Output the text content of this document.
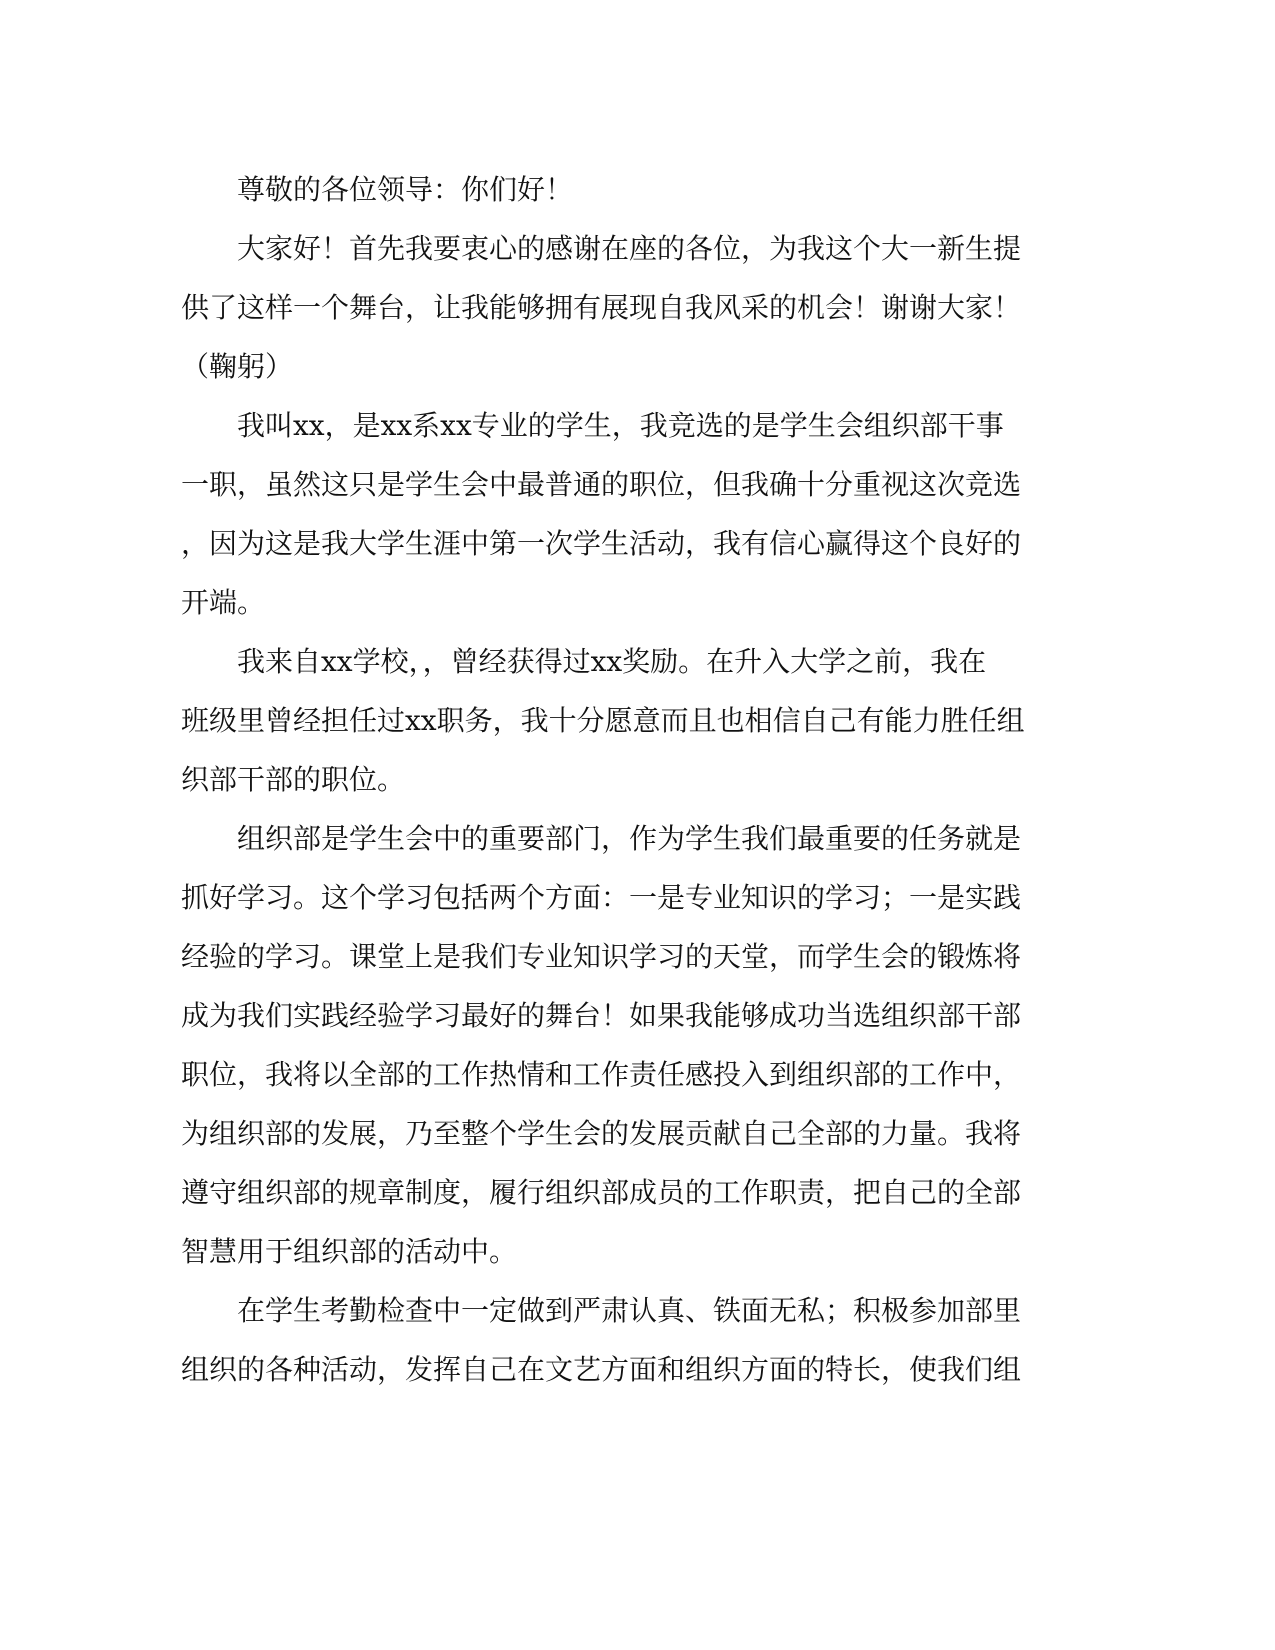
　　尊敬的各位领导：你们好！
　　大家好！首先我要衷心的感谢在座的各位，为我这个大一新生提
供了这样一个舞台，让我能够拥有展现自我风采的机会！谢谢大家！
（鞠躬）
　　我叫xx，是xx系xx专业的学生，我竞选的是学生会组织部干事
一职，虽然这只是学生会中最普通的职位，但我确十分重视这次竞选
，因为这是我大学生涯中第一次学生活动，我有信心赢得这个良好的
开端。
　　我来自xx学校，，曾经获得过xx奖励。在升入大学之前，我在
班级里曾经担任过xx职务，我十分愿意而且也相信自己有能力胜任组
织部干部的职位。
　　组织部是学生会中的重要部门，作为学生我们最重要的任务就是
抓好学习。这个学习包括两个方面：一是专业知识的学习；一是实践
经验的学习。课堂上是我们专业知识学习的天堂，而学生会的锻炼将
成为我们实践经验学习最好的舞台！如果我能够成功当选组织部干部
职位，我将以全部的工作热情和工作责任感投入到组织部的工作中，
为组织部的发展，乃至整个学生会的发展贡献自己全部的力量。我将
遵守组织部的规章制度，履行组织部成员的工作职责，把自己的全部
智慧用于组织部的活动中。
　　在学生考勤检查中一定做到严肃认真、铁面无私；积极参加部里
组织的各种活动，发挥自己在文艺方面和组织方面的特长，使我们组
